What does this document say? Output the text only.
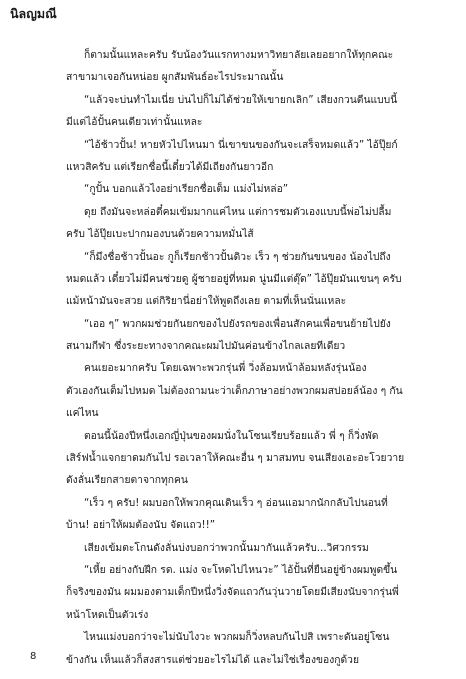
นิลญมณี
ก็ตามนั้นแหละครับ รับน้องวันแรกทางมหาวิทยาลัยเลยอยากให้ทุกคณะ
สาขามาเจอกันหน่อย ผูกสัมพันธ์อะไรประมาณนั้น
“แล้วจะบ่นทำไมเนี่ย บ่นไปก็ไม่ได้ช่วยให้เขายกเลิก” เสียงกวนตีนแบบนี้
มีแต่ไอ้ปั้นคนเดียวเท่านั้นแหละ
“ไอ้ช้าวปั้น! หายหัวไปไหนมา นี่เขาขนของกันจะเสร็จหมดแล้ว” ไอ้ปุ๊ยก์
แหวสิครับ แต่เรียกชื่อนี้เดี๋ยวได้มีเถียงกันยาวอีก
“กูปั้น บอกแล้วไงอย่าเรียกชื่อเต็ม แม่งไม่หล่อ”
ดุย ถึงมันจะหล่อตี๋คมเข้มมากแค่ไหน แต่การชมตัวเองแบบนี้พ่อไม่ปลื้ม
ครับ ไอ้ปุ๊ยเบะปากมองบนด้วยความหมั่นไส้
“ก็มึงชื่อช้าวปั้นอะ กูก็เรียกช้าวปั้นดิวะ เร็ว ๆ ช่วยกันขนของ น้องไปถึง
หมดแล้ว เดี๋ยวไม่มีคนช่วยดู ผู้ชายอยู่ที่หมด นู่นมีแต่ตุ๊ด” ไอ้ปุ๊ยมันแขนๆ ครับ
แม้หน้ามันจะสวย แต่กิริยานี่อย่าให้พูดถึงเลย ตามที่เห็นนั่นแหละ
“เออ ๆ” พวกผมช่วยกันยกของไปยังรถของเพื่อนสักคนเพื่อขนย้ายไปยัง
สนามกีฬา ซึ่งระยะทางจากคณะผมไปมันค่อนข้างไกลเลยทีเดียว
คนเยอะมากครับ โดยเฉพาะพวกรุ่นพี่ วิ่งล้อมหน้าล้อมหลังรุ่นน้อง
ตัวเองกันเต็มไปหมด ไม่ต้องถามนะว่าเด็กภาษาอย่างพวกผมสปอยล์น้อง ๆ กัน
แค่ไหน
ตอนนี้น้องปีหนึ่งเอกญี่ปุ่นของผมนั่งในโซนเรียบร้อยแล้ว พี่ ๆ ก็วิ่งพัด
เสิร์ฟน้ำแจกยาดมกันไป รอเวลาให้คณะอื่น ๆ มาสมทบ จนเสียงเอะอะโวยวาย
ดังลั่นเรียกสายตาจากทุกคน
“เร็ว ๆ ครับ! ผมบอกให้พวกคุณเดินเร็ว ๆ อ่อนแอมากนักกลับไปนอนที่
บ้าน! อย่าให้ผมต้องนับ จัดแถว!!”
เสียงเข้มตะโกนดังลั่นบ่งบอกว่าพวกนั้นมากันแล้วครับ...วิศวกรรม
“เหี้ย อย่างกับฝึก รด. แม่ง จะโหดไปไหนวะ” ไอ้ปั้นที่ยืนอยู่ข้างผมพูดขึ้น
ก็จริงของมัน ผมมองตามเด็กปีหนึ่งวิ่งจัดแถวกันวุ่นวายโดยมีเสียงนับจากรุ่นพี่
หน้าโหดเป็นตัวเร่ง
ไหนแม่งบอกว่าจะไม่นับไงวะ พวกผมก็วิ่งหลบกันไปสิ เพราะดันอยู่โซน
ข้างกัน เห็นแล้วก็สงสารแต่ช่วยอะไรไม่ได้ และไม่ใช่เรื่องของกูด้วย
8
